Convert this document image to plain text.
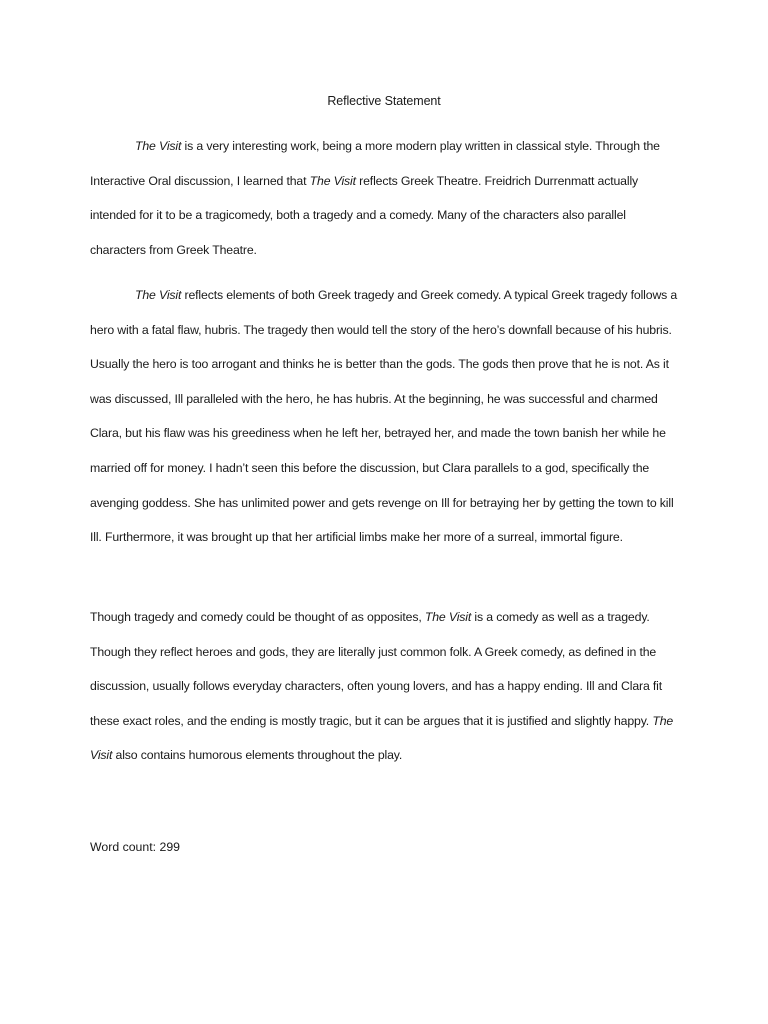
Reflective Statement

The Visit is a very interesting work, being a more modern play written in classical style. Through the Interactive Oral discussion, I learned that The Visit reflects Greek Theatre. Freidrich Durrenmatt actually intended for it to be a tragicomedy, both a tragedy and a comedy. Many of the characters also parallel characters from Greek Theatre.

The Visit reflects elements of both Greek tragedy and Greek comedy. A typical Greek tragedy follows a hero with a fatal flaw, hubris. The tragedy then would tell the story of the hero’s downfall because of his hubris. Usually the hero is too arrogant and thinks he is better than the gods. The gods then prove that he is not. As it was discussed, Ill paralleled with the hero, he has hubris. At the beginning, he was successful and charmed Clara, but his flaw was his greediness when he left her, betrayed her, and made the town banish her while he married off for money. I hadn’t seen this before the discussion, but Clara parallels to a god, specifically the avenging goddess. She has unlimited power and gets revenge on Ill for betraying her by getting the town to kill Ill. Furthermore, it was brought up that her artificial limbs make her more of a surreal, immortal figure.

Though tragedy and comedy could be thought of as opposites, The Visit is a comedy as well as a tragedy. Though they reflect heroes and gods, they are literally just common folk. A Greek comedy, as defined in the discussion, usually follows everyday characters, often young lovers, and has a happy ending. Ill and Clara fit these exact roles, and the ending is mostly tragic, but it can be argues that it is justified and slightly happy. The Visit also contains humorous elements throughout the play.

Word count: 299
